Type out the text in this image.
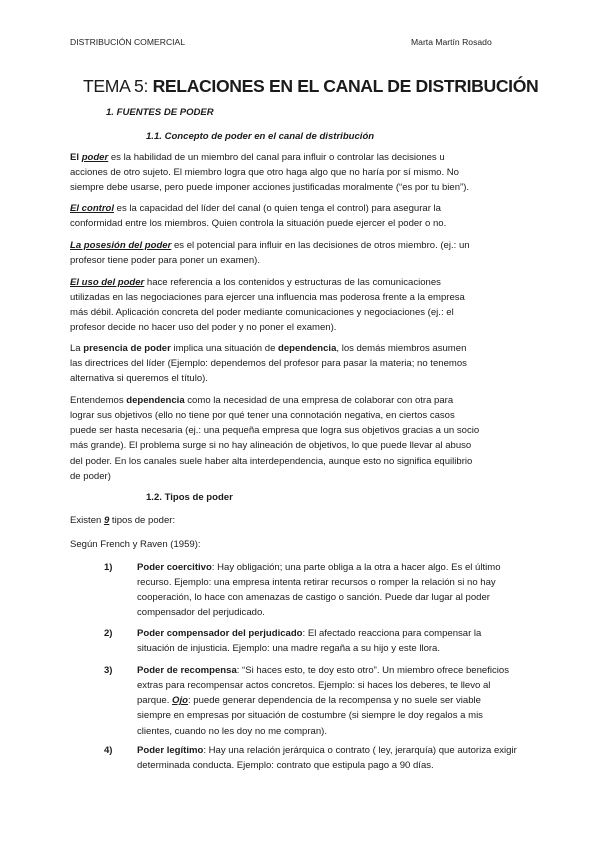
DISTRIBUCIÓN COMERCIAL	Marta Martín Rosado
TEMA 5: RELACIONES EN EL CANAL DE DISTRIBUCIÓN
1. FUENTES DE PODER
1.1. Concepto de poder en el canal de distribución
El poder es la habilidad de un miembro del canal para influir o controlar las decisiones u
acciones de otro sujeto. El miembro logra que otro haga algo que no haría por sí mismo. No
siempre debe usarse, pero puede imponer acciones justificadas moralmente (“es por tu bien”).
El control es la capacidad del líder del canal (o quien tenga el control) para asegurar la
conformidad entre los miembros. Quien controla la situación puede ejercer el poder o no.
La posesión del poder es el potencial para influir en las decisiones de otros miembro. (ej.: un
profesor tiene poder para poner un examen).
El uso del poder hace referencia a los contenidos y estructuras de las comunicaciones
utilizadas en las negociaciones para ejercer una influencia mas poderosa frente a la empresa
más débil. Aplicación concreta del poder mediante comunicaciones y negociaciones (ej.: el
profesor decide no hacer uso del poder y no poner el examen).
La presencia de poder implica una situación de dependencia, los demás miembros asumen
las directrices del líder (Ejemplo: dependemos del profesor para pasar la materia; no tenemos
alternativa si queremos el título).
Entendemos dependencia como la necesidad de una empresa de colaborar con otra para
lograr sus objetivos (ello no tiene por qué tener una connotación negativa, en ciertos casos
puede ser hasta necesaria (ej.: una pequeña empresa que logra sus objetivos gracias a un socio
más grande). El problema surge si no hay alineación de objetivos, lo que puede llevar al abuso
del poder. En los canales suele haber alta interdependencia, aunque esto no significa equilibrio
de poder)
1.2. Tipos de poder
Existen 9 tipos de poder:
Según French y Raven (1959):
1)	Poder coercitivo: Hay obligación; una parte obliga a la otra a hacer algo. Es el último
recurso. Ejemplo: una empresa intenta retirar recursos o romper la relación si no hay
cooperación, lo hace con amenazas de castigo o sanción. Puede dar lugar al poder
compensador del perjudicado.
2)	Poder compensador del perjudicado: El afectado reacciona para compensar la
situación de injusticia. Ejemplo: una madre regaña a su hijo y este llora.
3)	Poder de recompensa: “Si haces esto, te doy esto otro”. Un miembro ofrece beneficios
extras para recompensar actos concretos. Ejemplo: si haces los deberes, te llevo al
parque. Ojo: puede generar dependencia de la recompensa y no suele ser viable
siempre en empresas por situación de costumbre (si siempre le doy regalos a mis
clientes, cuando no les doy no me compran).
4)	Poder legítimo: Hay una relación jerárquica o contrato ( ley, jerarquía) que autoriza exigir
determinada conducta. Ejemplo: contrato que estipula pago a 90 días.
